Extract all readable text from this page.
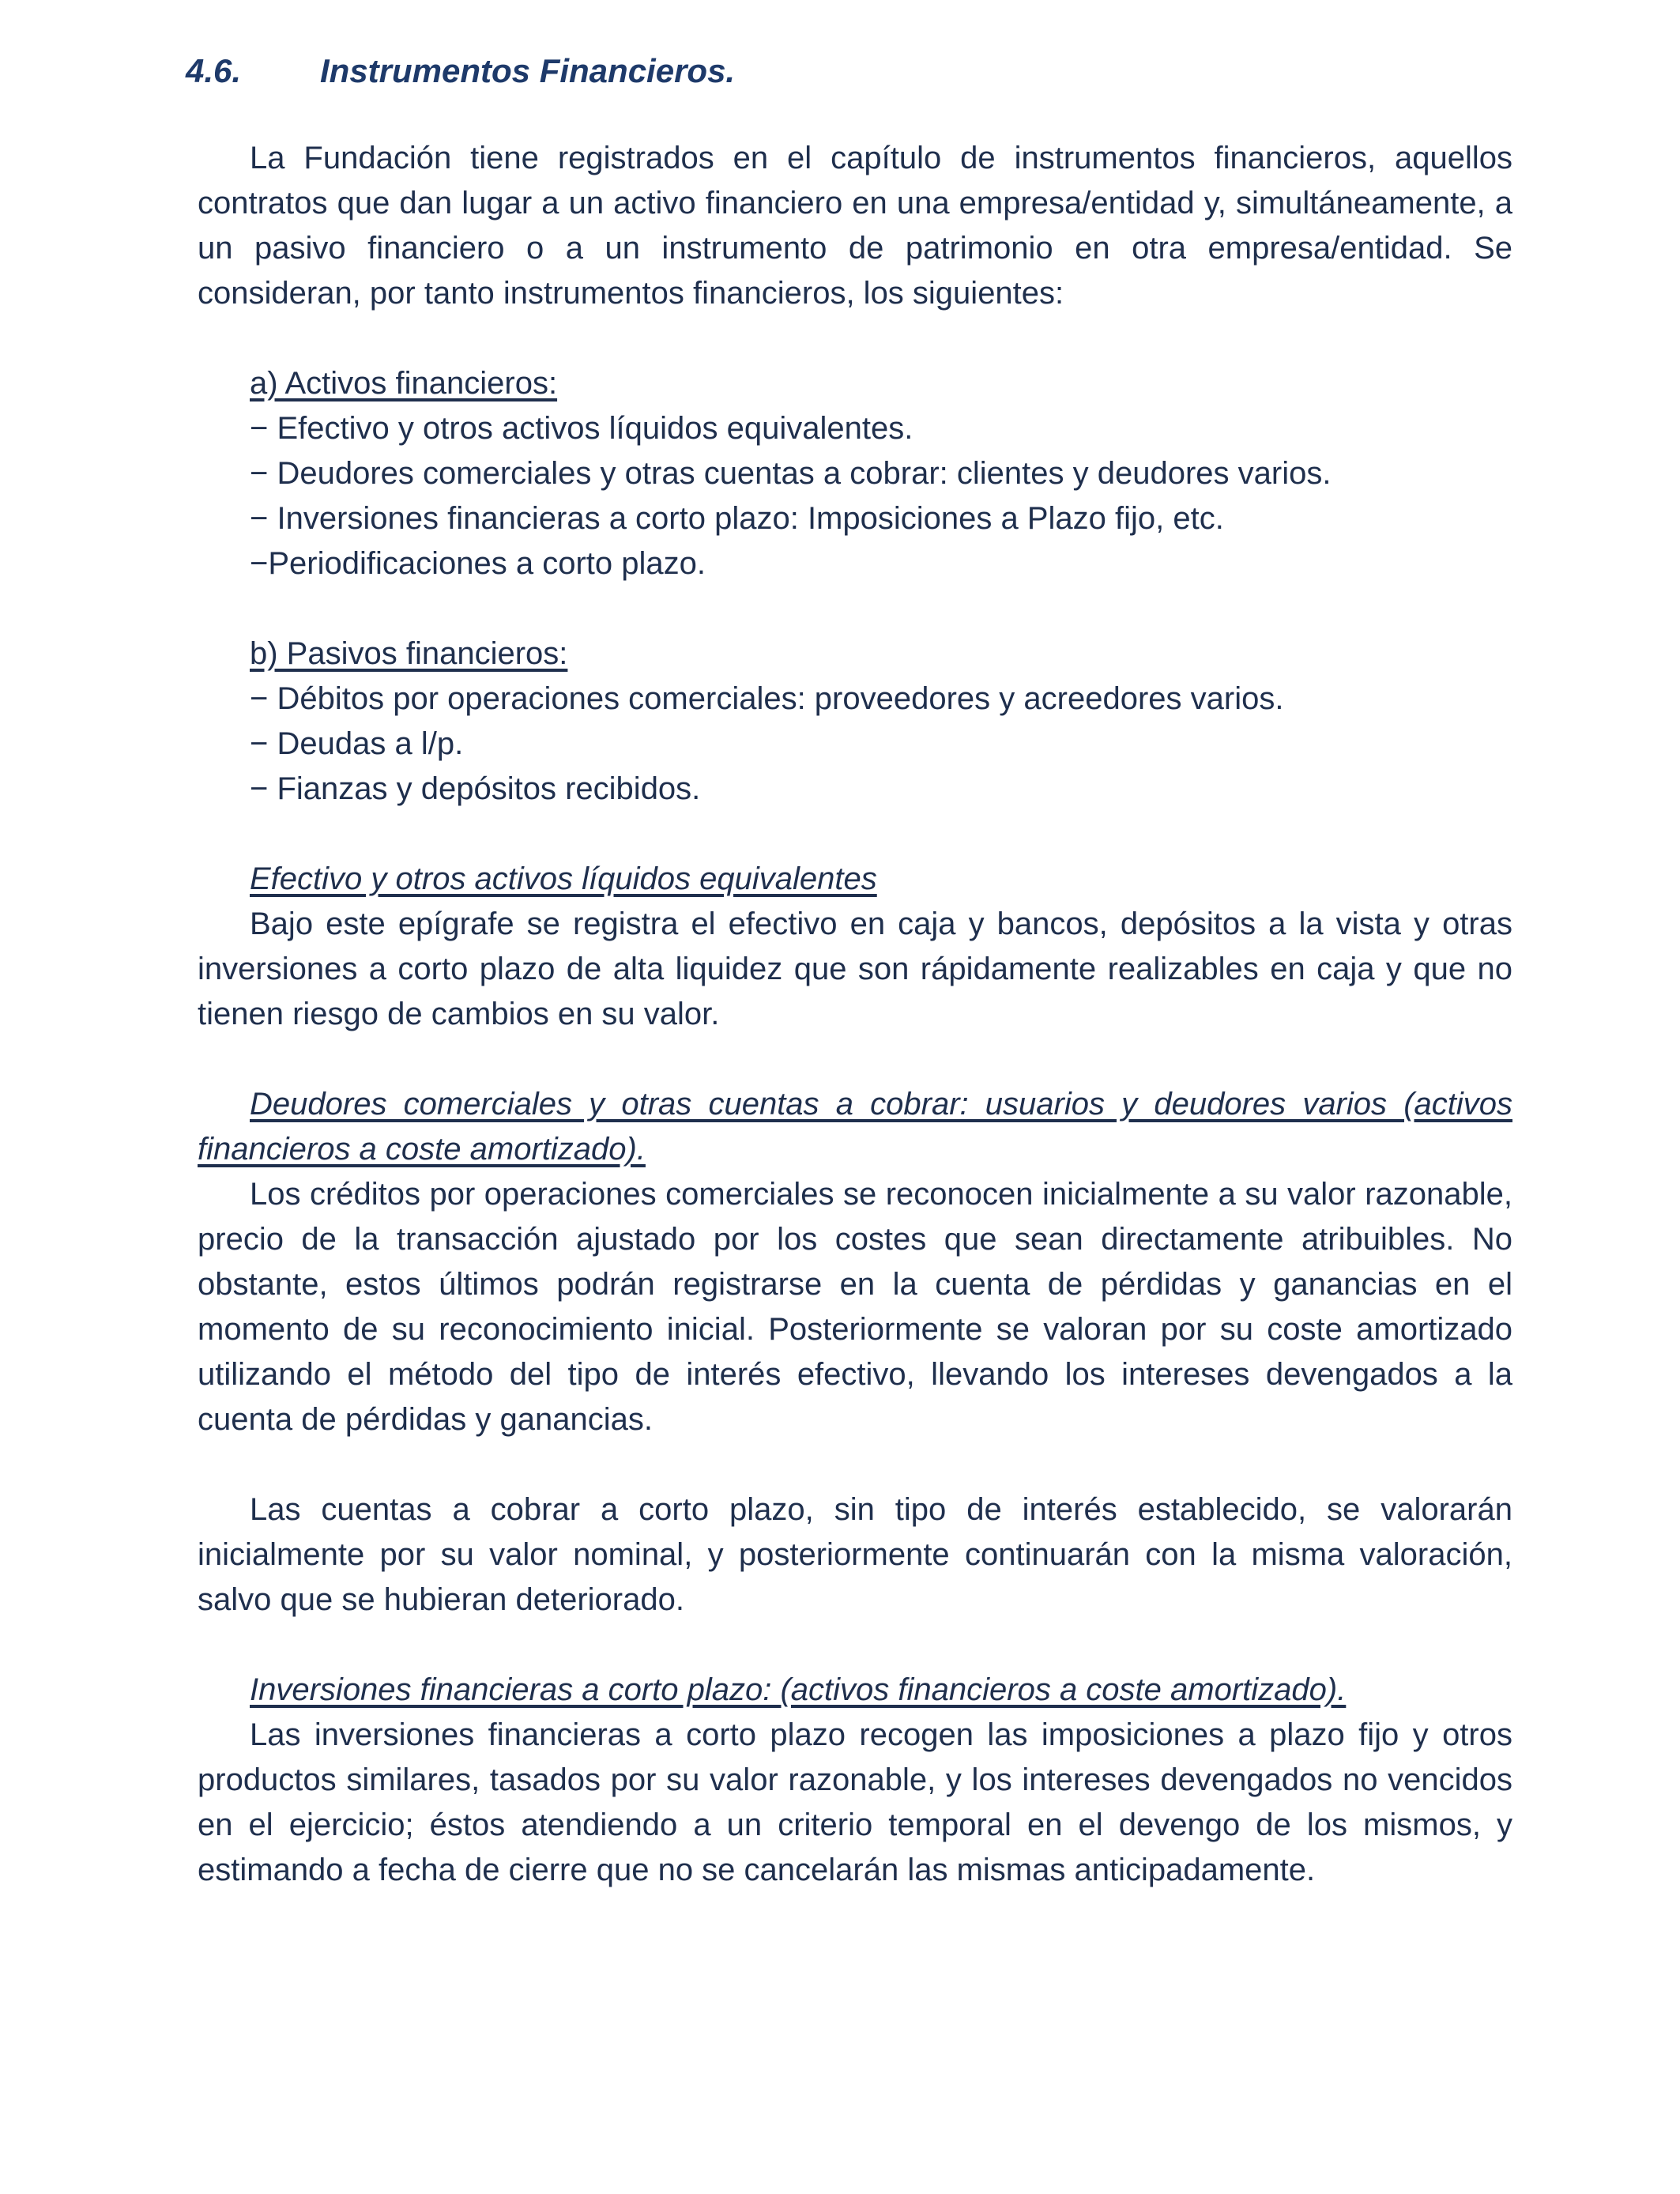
4.6. Instrumentos Financieros.

La Fundación tiene registrados en el capítulo de instrumentos financieros, aquellos contratos que dan lugar a un activo financiero en una empresa/entidad y, simultáneamente, a un pasivo financiero o a un instrumento de patrimonio en otra empresa/entidad. Se consideran, por tanto instrumentos financieros, los siguientes:

a) Activos financieros:

− Efectivo y otros activos líquidos equivalentes.

− Deudores comerciales y otras cuentas a cobrar: clientes y deudores varios.

− Inversiones financieras a corto plazo: Imposiciones a Plazo fijo, etc.

−Periodificaciones a corto plazo.

b) Pasivos financieros:

− Débitos por operaciones comerciales: proveedores y acreedores varios.

− Deudas a l/p.

− Fianzas y depósitos recibidos.

Efectivo y otros activos líquidos equivalentes

Bajo este epígrafe se registra el efectivo en caja y bancos, depósitos a la vista y otras inversiones a corto plazo de alta liquidez que son rápidamente realizables en caja y que no tienen riesgo de cambios en su valor.

Deudores comerciales y otras cuentas a cobrar: usuarios y deudores varios (activos financieros a coste amortizado).

Los créditos por operaciones comerciales se reconocen inicialmente a su valor razonable, precio de la transacción ajustado por los costes que sean directamente atribuibles. No obstante, estos últimos podrán registrarse en la cuenta de pérdidas y ganancias en el momento de su reconocimiento inicial. Posteriormente se valoran por su coste amortizado utilizando el método del tipo de interés efectivo, llevando los intereses devengados a la cuenta de pérdidas y ganancias.

Las cuentas a cobrar a corto plazo, sin tipo de interés establecido, se valorarán inicialmente por su valor nominal, y posteriormente continuarán con la misma valoración, salvo que se hubieran deteriorado.

Inversiones financieras a corto plazo: (activos financieros a coste amortizado).

Las inversiones financieras a corto plazo recogen las imposiciones a plazo fijo y otros productos similares, tasados por su valor razonable, y los intereses devengados no vencidos en el ejercicio; éstos atendiendo a un criterio temporal en el devengo de los mismos, y estimando a fecha de cierre que no se cancelarán las mismas anticipadamente.
